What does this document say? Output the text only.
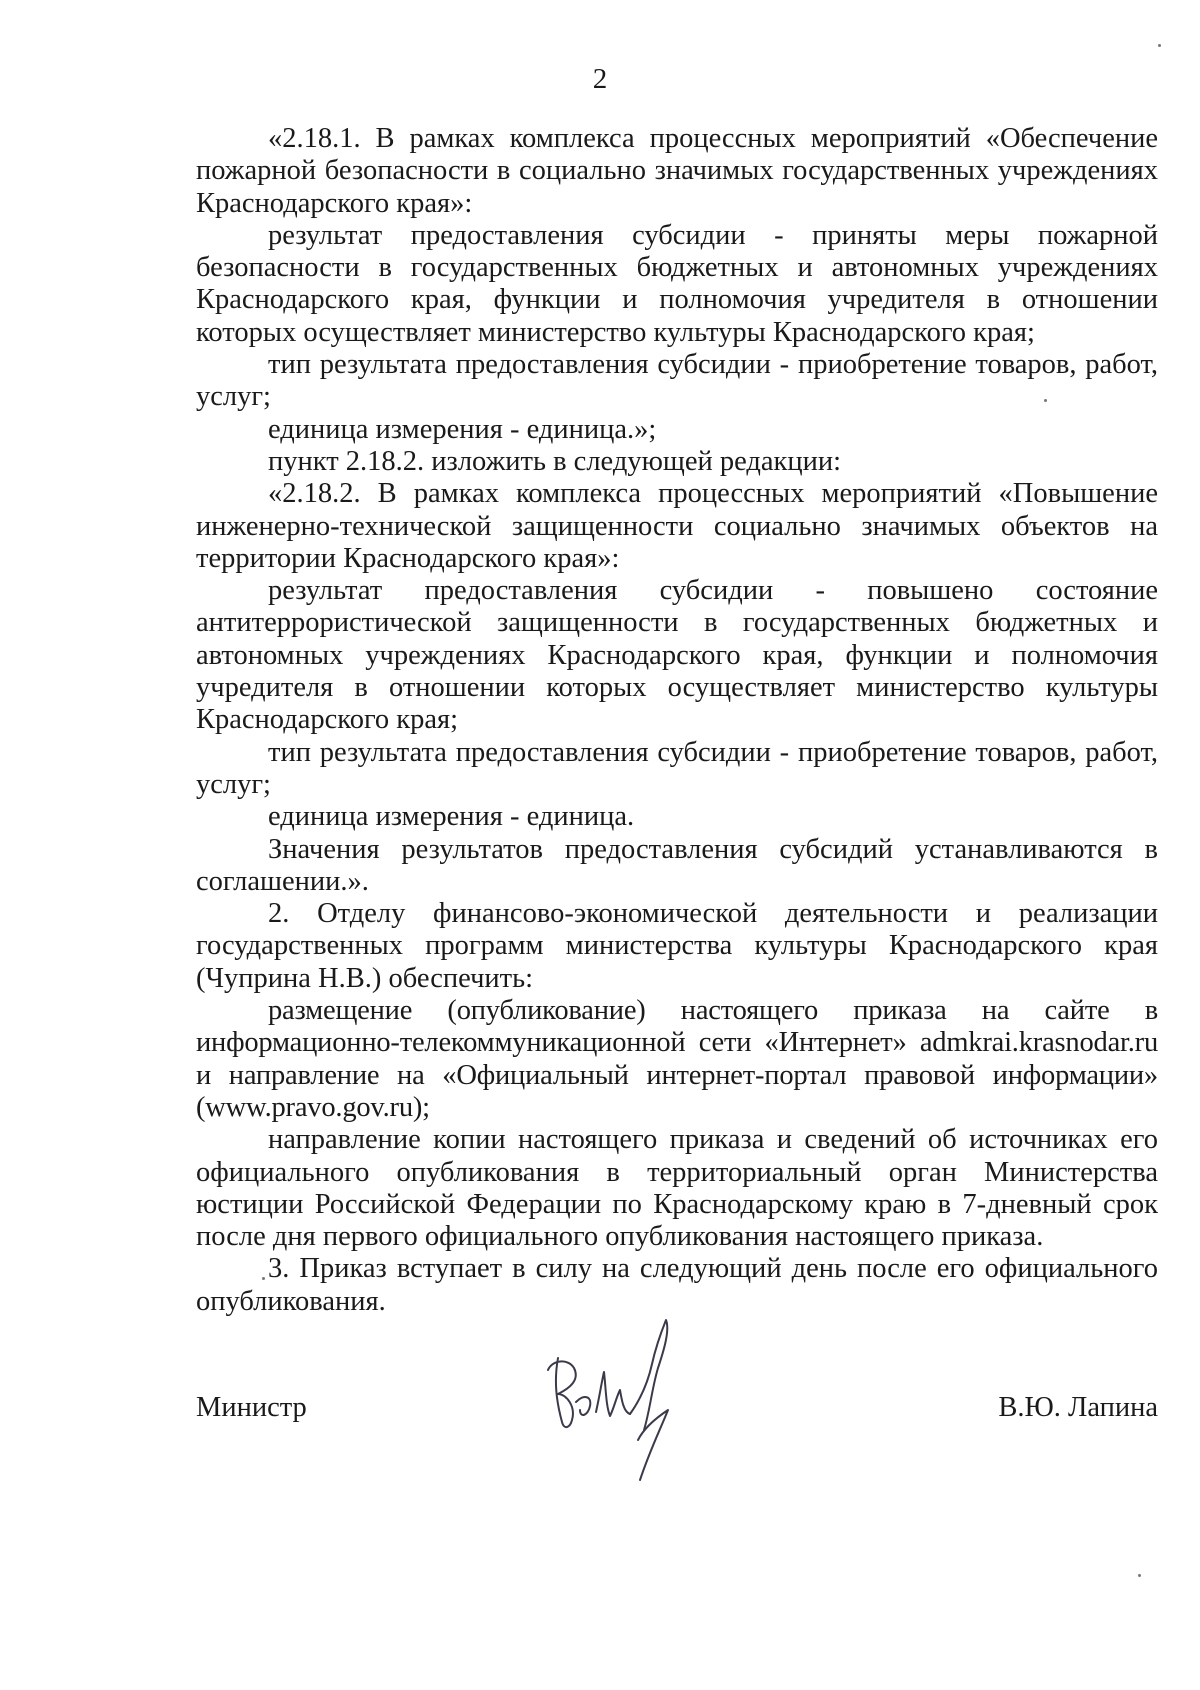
2

«2.18.1. В рамках комплекса процессных мероприятий «Обеспечение пожарной безопасности в социально значимых государственных учреждениях Краснодарского края»:

результат предоставления субсидии - приняты меры пожарной безопасности в государственных бюджетных и автономных учреждениях Краснодарского края, функции и полномочия учредителя в отношении которых осуществляет министерство культуры Краснодарского края;

тип результата предоставления субсидии - приобретение товаров, работ, услуг;

единица измерения - единица.»;

пункт 2.18.2. изложить в следующей редакции:

«2.18.2. В рамках комплекса процессных мероприятий «Повышение инженерно-технической защищенности социально значимых объектов на территории Краснодарского края»:

результат предоставления субсидии - повышено состояние антитеррористической защищенности в государственных бюджетных и автономных учреждениях Краснодарского края, функции и полномочия учредителя в отношении которых осуществляет министерство культуры Краснодарского края;

тип результата предоставления субсидии - приобретение товаров, работ, услуг;

единица измерения - единица.

Значения результатов предоставления субсидий устанавливаются в соглашении.».

2. Отделу финансово-экономической деятельности и реализации государственных программ министерства культуры Краснодарского края (Чуприна Н.В.) обеспечить:

размещение (опубликование) настоящего приказа на сайте в информационно-телекоммуникационной сети «Интернет» admkrai.krasnodar.ru и направление на «Официальный интернет-портал правовой информации» (www.pravo.gov.ru);

направление копии настоящего приказа и сведений об источниках его официального опубликования в территориальный орган Министерства юстиции Российской Федерации по Краснодарскому краю в 7-дневный срок после дня первого официального опубликования настоящего приказа.

3. Приказ вступает в силу на следующий день после его официального опубликования.

Министр	В.Ю. Лапина
